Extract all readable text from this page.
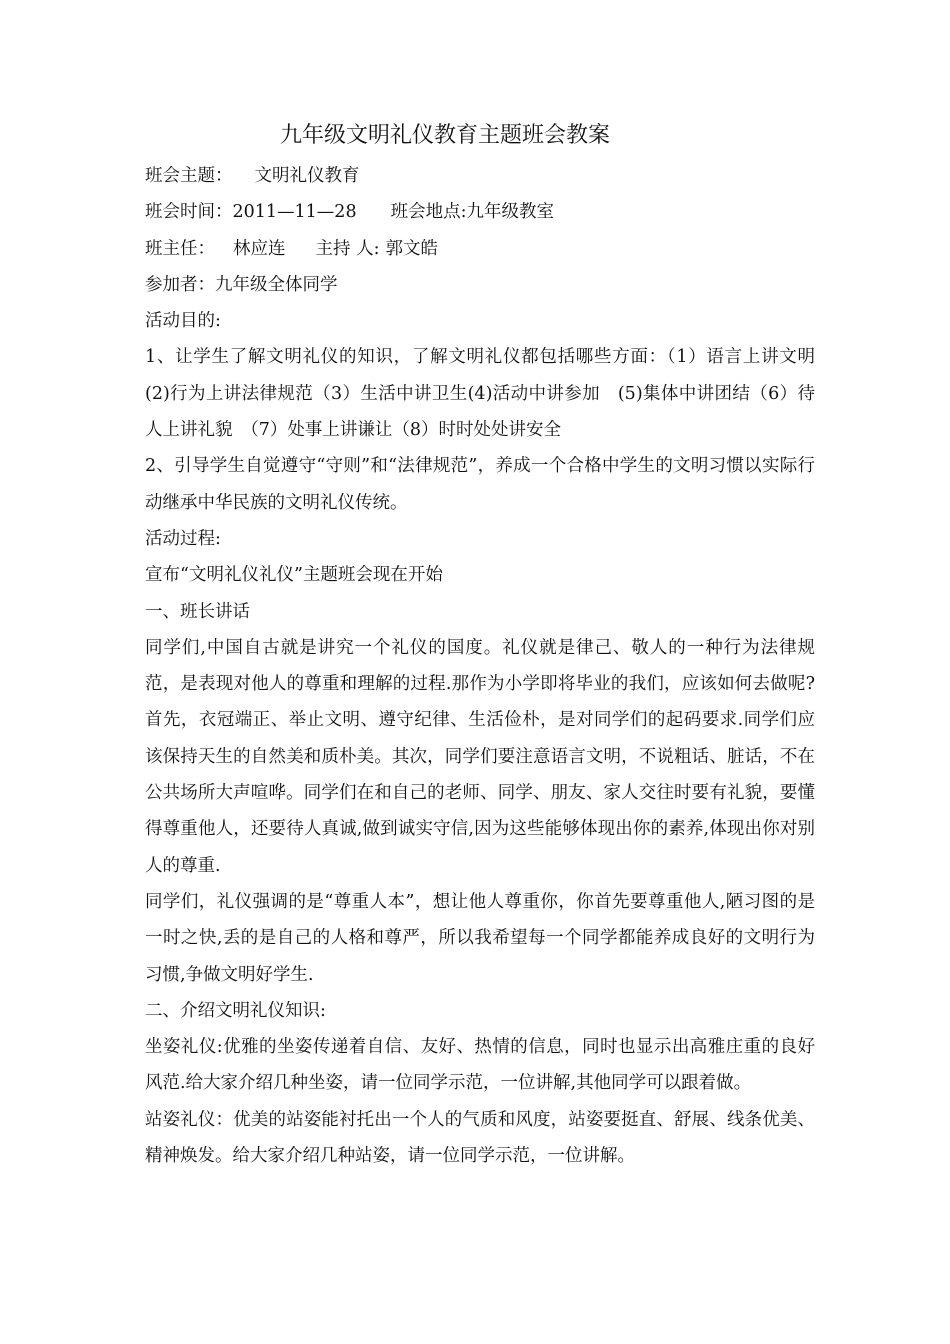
九年级文明礼仪教育主题班会教案

班会主题： 文明礼仪教育

班会时间：2011—11—28 班会地点:九年级教室

班主任： 林应连 主持 人: 郭文皓

参加者：九年级全体同学

活动目的:

1、让学生了解文明礼仪的知识，了解文明礼仪都包括哪些方面：（1）语言上讲文明　 (2)行为上讲法律规范（3）生活中讲卫生(4)活动中讲参加　(5)集体中讲团结（6）待人上讲礼貌　（7）处事上讲谦让（8）时时处处讲安全

2、引导学生自觉遵守“守则”和“法律规范”，养成一个合格中学生的文明习惯以实际行动继承中华民族的文明礼仪传统。

活动过程:

宣布“文明礼仪礼仪”主题班会现在开始

一、班长讲话

同学们,中国自古就是讲究一个礼仪的国度。礼仪就是律己、敬人的一种行为法律规范，是表现对他人的尊重和理解的过程.那作为小学即将毕业的我们，应该如何去做呢?首先，衣冠端正、举止文明、遵守纪律、生活俭朴，是对同学们的起码要求.同学们应该保持天生的自然美和质朴美。其次，同学们要注意语言文明，不说粗话、脏话，不在公共场所大声喧哗。同学们在和自己的老师、同学、朋友、家人交往时要有礼貌，要懂得尊重他人，还要待人真诚,做到诚实守信,因为这些能够体现出你的素养,体现出你对别人的尊重.

同学们，礼仪强调的是“尊重人本”，想让他人尊重你，你首先要尊重他人,陋习图的是一时之快,丢的是自己的人格和尊严，所以我希望每一个同学都能养成良好的文明行为习惯,争做文明好学生.

二、介绍文明礼仪知识:

坐姿礼仪:优雅的坐姿传递着自信、友好、热情的信息，同时也显示出高雅庄重的良好风范.给大家介绍几种坐姿，请一位同学示范，一位讲解,其他同学可以跟着做。

站姿礼仪：优美的站姿能衬托出一个人的气质和风度，站姿要挺直、舒展、线条优美、精神焕发。给大家介绍几种站姿，请一位同学示范，一位讲解。
